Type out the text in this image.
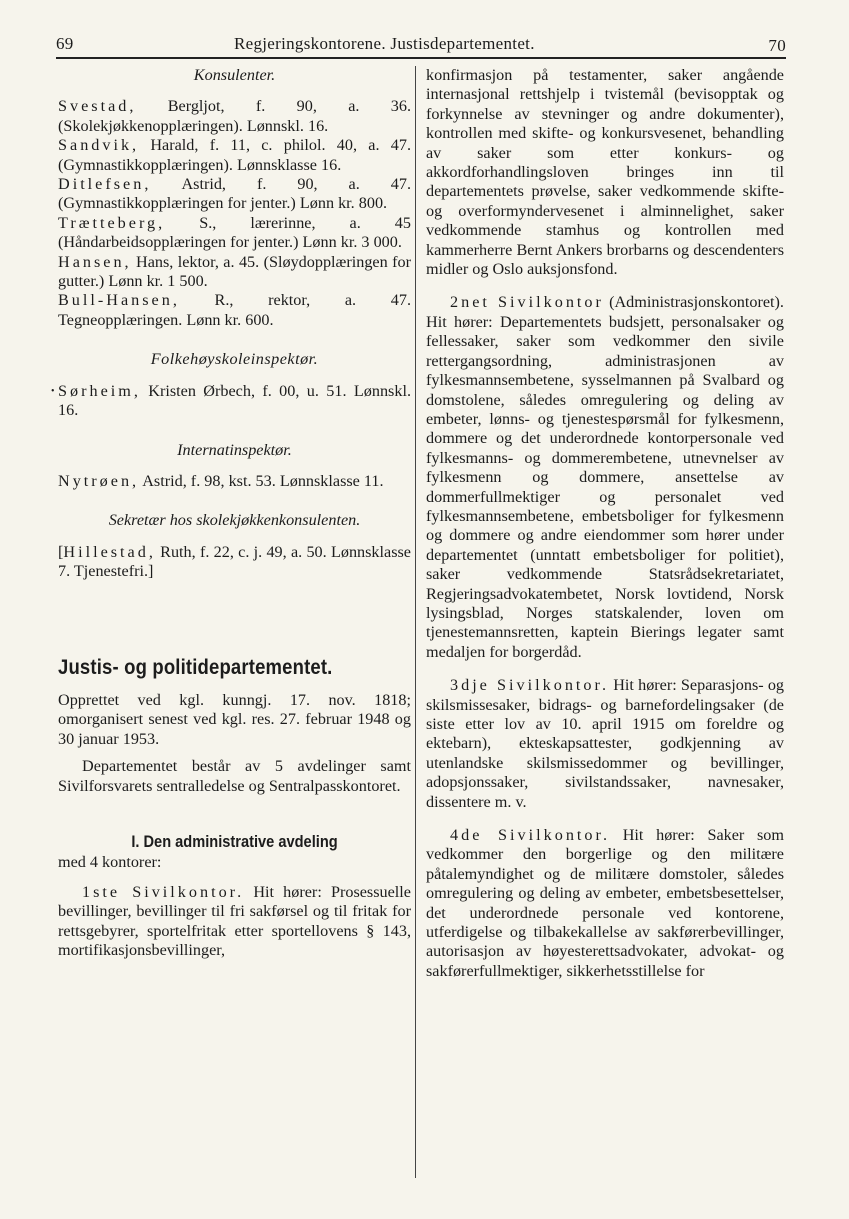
69	Regjeringskontorene. Justisdepartementet.	70

Konsulenter.

Svestad, Bergljot, f. 90, a. 36. (Skolekjøkkenopplæringen). Lønnskl. 16.

Sandvik, Harald, f. 11, c. philol. 40, a. 47. (Gymnastikkopplæringen). Lønnsklasse 16.

Ditlefsen, Astrid, f. 90, a. 47. (Gymnastikkopplæringen for jenter.) Lønn kr. 800.

Trætteberg, S., lærerinne, a. 45 (Håndarbeidsopplæringen for jenter.) Lønn kr. 3 000.

Hansen, Hans, lektor, a. 45. (Sløydopplæringen for gutter.) Lønn kr. 1 500.

Bull-Hansen, R., rektor, a. 47. Tegneopplæringen. Lønn kr. 600.

Folkehøyskoleinspektør.

• Sørheim, Kristen Ørbech, f. 00, u. 51. Lønnskl. 16.

Internatinspektør.

Nytrøen, Astrid, f. 98, kst. 53. Lønnsklasse 11.

Sekretær hos skolekjøkkenkonsulenten.

[Hillestad, Ruth, f. 22, c. j. 49, a. 50. Lønnsklasse 7. Tjenestefri.]

Justis- og politidepartementet.

Opprettet ved kgl. kunngj. 17. nov. 1818; omorganisert senest ved kgl. res. 27. februar 1948 og 30 januar 1953.

Departementet består av 5 avdelinger samt Sivilforsvarets sentralledelse og Sentralpasskontoret.

I. Den administrative avdeling

med 4 kontorer:

1ste Sivilkontor. Hit hører: Prosessuelle bevillinger, bevillinger til fri sakførsel og til fritak for rettsgebyrer, sportelfritak etter sportellovens § 143, mortifikasjonsbevillinger,

konfirmasjon på testamenter, saker angående internasjonal rettshjelp i tvistemål (bevisopptak og forkynnelse av stevninger og andre dokumenter), kontrollen med skifte- og konkursvesenet, behandling av saker som etter konkurs- og akkordforhandlingsloven bringes inn til departementets prøvelse, saker vedkommende skifte- og overformyndervesenet i alminnelighet, saker vedkommende stamhus og kontrollen med kammerherre Bernt Ankers brorbarns og descendenters midler og Oslo auksjonsfond.

2net Sivilkontor (Administrasjonskontoret). Hit hører: Departementets budsjett, personalsaker og fellessaker, saker som vedkommer den sivile rettergangsordning, administrasjonen av fylkesmannsembetene, sysselmannen på Svalbard og domstolene, således omregulering og deling av embeter, lønns- og tjenestespørsmål for fylkesmenn, dommere og det underordnede kontorpersonale ved fylkesmanns- og dommerembetene, utnevnelser av fylkesmenn og dommere, ansettelse av dommerfullmektiger og personalet ved fylkesmannsembetene, embetsboliger for fylkesmenn og dommere og andre eiendommer som hører under departementet (unntatt embetsboliger for politiet), saker vedkommende Statsrådsekretariatet, Regjeringsadvokatembetet, Norsk lovtidend, Norsk lysingsblad, Norges statskalender, loven om tjenestemannsretten, kaptein Bierings legater samt medaljen for borgerdåd.

3dje Sivilkontor. Hit hører: Separasjons- og skilsmissesaker, bidrags- og barnefordelingsaker (de siste etter lov av 10. april 1915 om foreldre og ektebarn), ekteskapsattester, godkjenning av utenlandske skilsmissedommer og bevillinger, adopsjonssaker, sivilstandssaker, navnesaker, dissentere m. v.

4de Sivilkontor. Hit hører: Saker som vedkommer den borgerlige og den militære påtalemyndighet og de militære domstoler, således omregulering og deling av embeter, embetsbesettelser, det underordnede personale ved kontorene, utferdigelse og tilbakekallelse av sakførerbevillinger, autorisasjon av høyesterettsadvokater, advokat- og sakførerfullmektiger, sikkerhetsstillelse for
